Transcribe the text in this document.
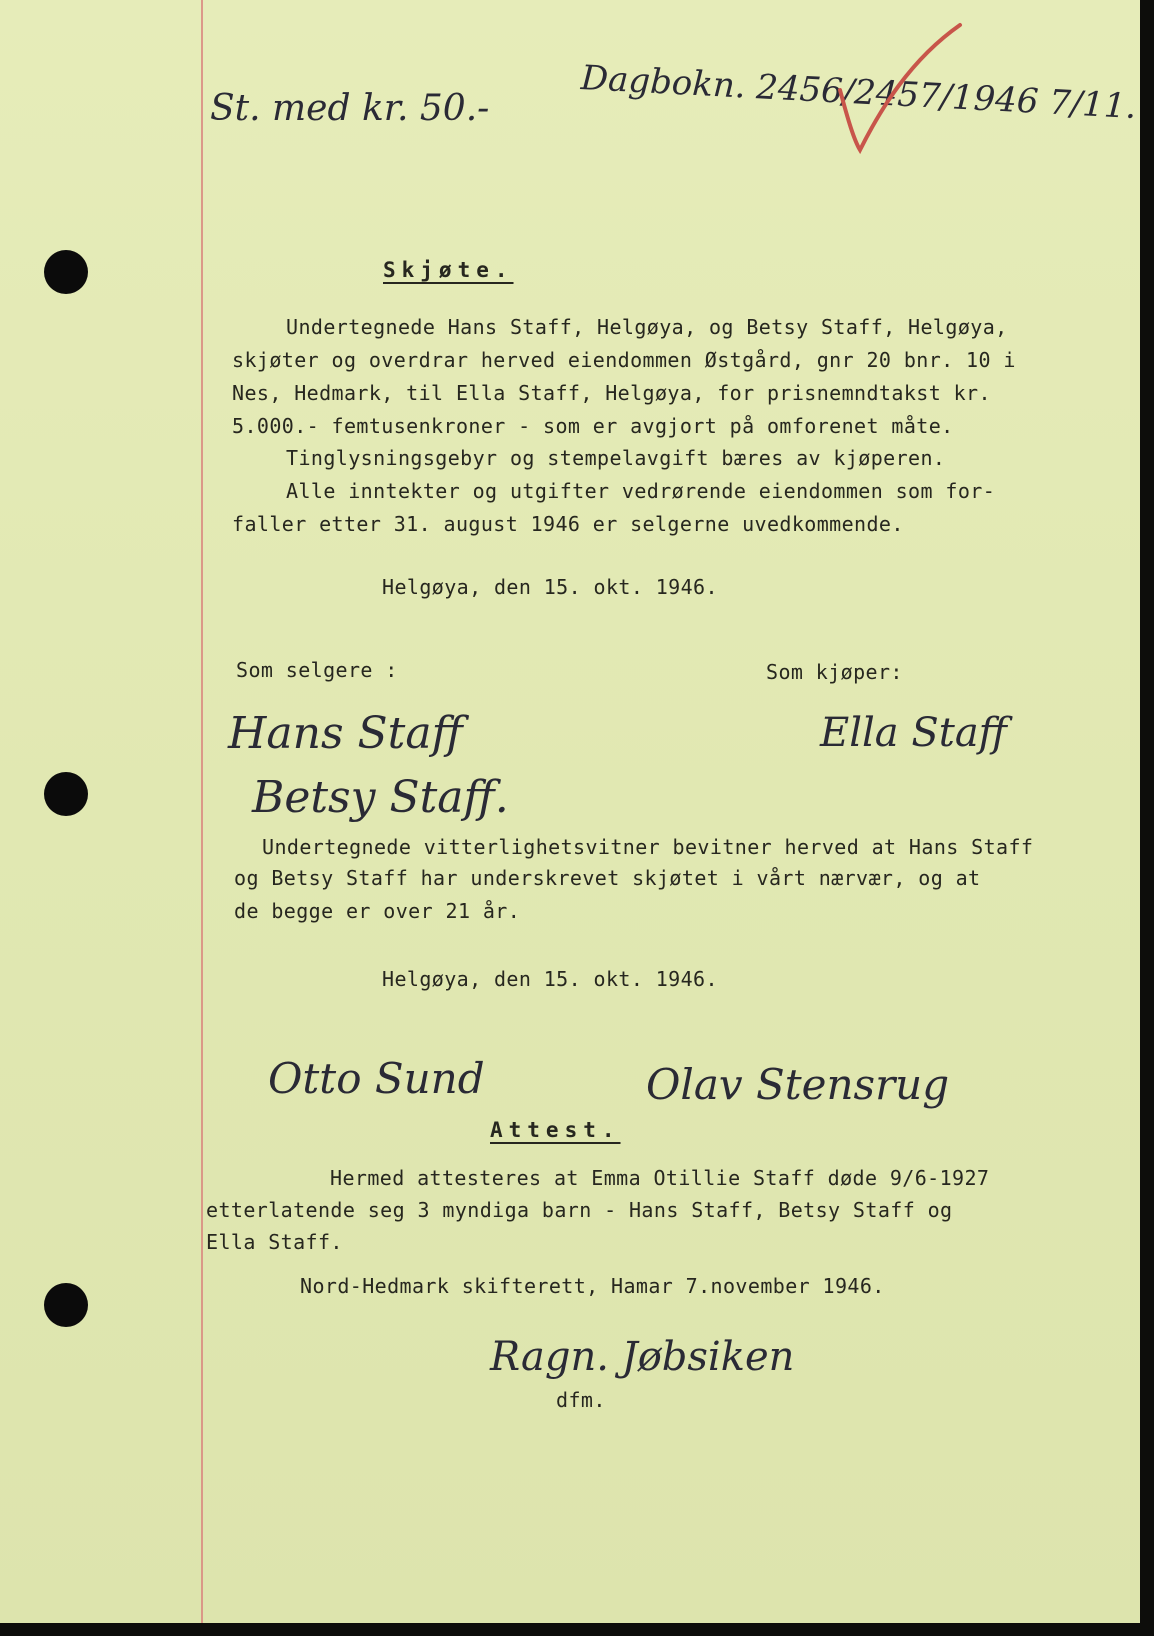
St. med kr. 50.-	Dagbokn. 2456/2457/1946 7/11.

Skjøte.

Undertegnede Hans Staff, Helgøya, og Betsy Staff, Helgøya,

skjøter og overdrar herved eiendommen Østgård, gnr 20 bnr. 10 i

Nes, Hedmark, til Ella Staff, Helgøya, for prisnemndtakst kr.

5.000.- femtusenkroner - som er avgjort på omforenet måte.

Tinglysningsgebyr og stempelavgift bæres av kjøperen.

Alle inntekter og utgifter vedrørende eiendommen som for-

faller etter 31. august 1946 er selgerne uvedkommende.

Helgøya, den 15. okt. 1946.

Som selgere :	Som kjøper:

Hans Staff

Betsy Staff.

Ella Staff

Undertegnede vitterlighetsvitner bevitner herved at Hans Staff

og Betsy Staff har underskrevet skjøtet i vårt nærvær, og at

de begge er over 21 år.

Helgøya, den 15. okt. 1946.

Otto Sund	Olav Stensrug

Attest.

Hermed attesteres at Emma Otillie Staff døde 9/6-1927

etterlatende seg 3 myndiga barn - Hans Staff, Betsy Staff og

Ella Staff.

Nord-Hedmark skifterett, Hamar 7.november 1946.

Ragn. Jøbsiken

dfm.
